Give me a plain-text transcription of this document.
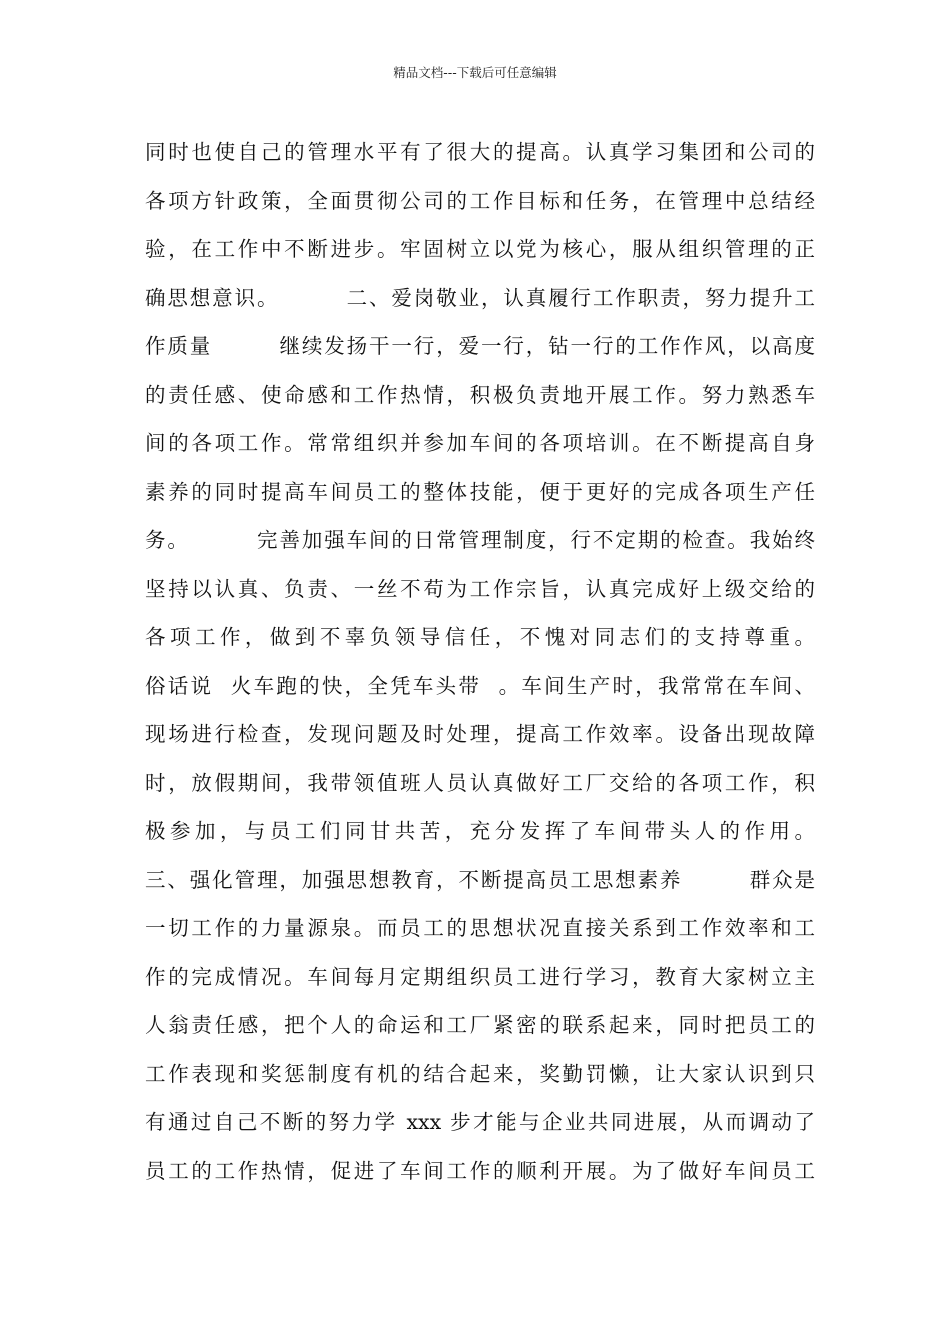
精品文档---下载后可任意编辑
同时也使自己的管理水平有了很大的提高。认真学习集团和公司的
各项方针政策，全面贯彻公司的工作目标和任务，在管理中总结经
验，在工作中不断进步。牢固树立以党为核心，服从组织管理的正
确思想意识。        二、爱岗敬业，认真履行工作职责，努力提升工
作质量        继续发扬干一行，爱一行，钻一行的工作作风，以高度
的责任感、使命感和工作热情，积极负责地开展工作。努力熟悉车
间的各项工作。常常组织并参加车间的各项培训。在不断提高自身
素养的同时提高车间员工的整体技能，便于更好的完成各项生产任
务。        完善加强车间的日常管理制度，行不定期的检查。我始终
坚持以认真、负责、一丝不苟为工作宗旨，认真完成好上级交给的
各项工作，做到不辜负领导信任，不愧对同志们的支持尊重。
俗话说  火车跑的快，全凭车头带  。车间生产时，我常常在车间、
现场进行检查，发现问题及时处理，提高工作效率。设备出现故障
时，放假期间，我带领值班人员认真做好工厂交给的各项工作，积
极参加，与员工们同甘共苦，充分发挥了车间带头人的作用。
三、强化管理，加强思想教育，不断提高员工思想素养        群众是
一切工作的力量源泉。而员工的思想状况直接关系到工作效率和工
作的完成情况。车间每月定期组织员工进行学习，教育大家树立主
人翁责任感，把个人的命运和工厂紧密的联系起来，同时把员工的
工作表现和奖惩制度有机的结合起来，奖勤罚懒，让大家认识到只
有通过自己不断的努力学 xxx 步才能与企业共同进展，从而调动了
员工的工作热情，促进了车间工作的顺利开展。为了做好车间员工
